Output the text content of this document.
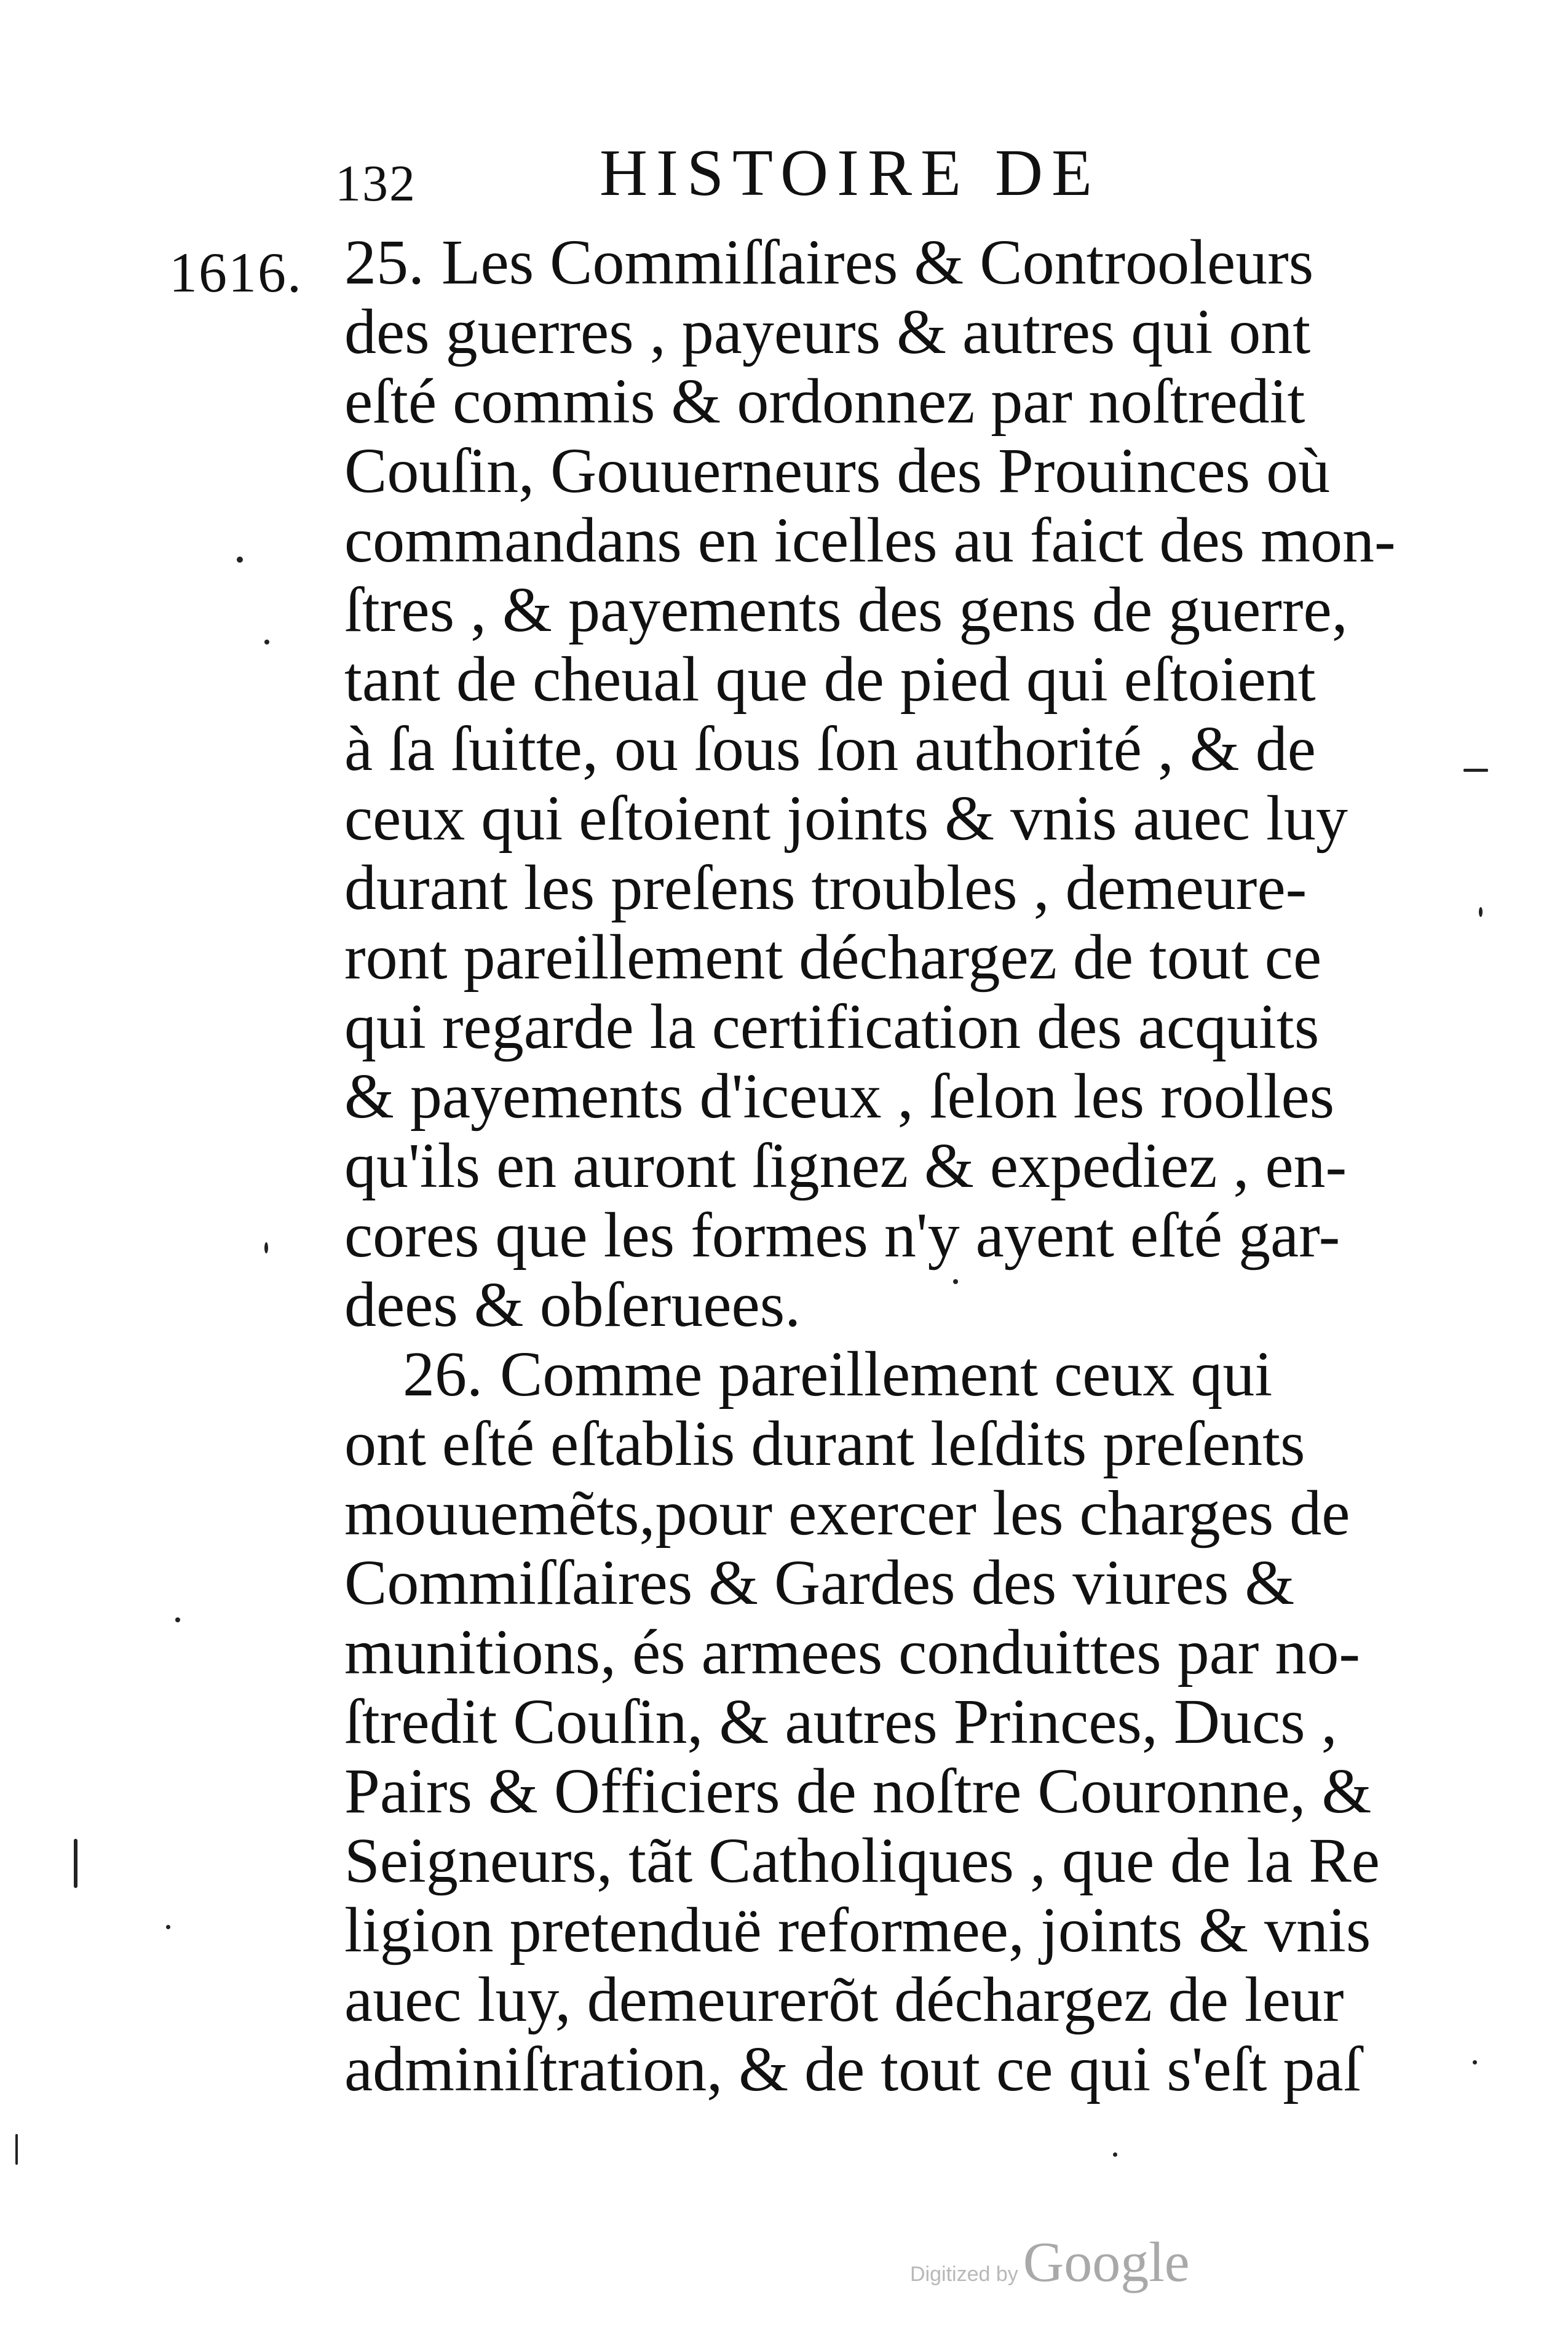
132	HISTOIRE DE
1616. 25. Les Commiſſaires & Controoleurs
des guerres , payeurs & autres qui ont
eſté commis & ordonnez par noſtredit
Couſin, Gouuerneurs des Prouinces où
commandans en icelles au faict des mon-
ſtres , & payements des gens de guerre,
tant de cheual que de pied qui eſtoient
à ſa ſuitte, ou ſous ſon authorité , & de
ceux qui eſtoient joints & vnis auec luy
durant les preſens troubles , demeure-
ront pareillement déchargez de tout ce
qui regarde la certification des acquits
& payements d'iceux , ſelon les roolles
qu'ils en auront ſignez & expediez , en-
cores que les formes n'y ayent eſté gar-
dees & obſeruees.
26. Comme pareillement ceux qui
ont eſté eſtablis durant leſdits preſents
mouuemẽts,pour exercer les charges de
Commiſſaires & Gardes des viures &
munitions, és armees conduittes par no-
ſtredit Couſin, & autres Princes, Ducs ,
Pairs & Officiers de noſtre Couronne, &
Seigneurs, tãt Catholiques , que de la Re
ligion pretenduë reformee, joints & vnis
auec luy, demeurerõt déchargez de leur
adminiſtration, & de tout ce qui s'eſt paſ
Digitized byGoogle
